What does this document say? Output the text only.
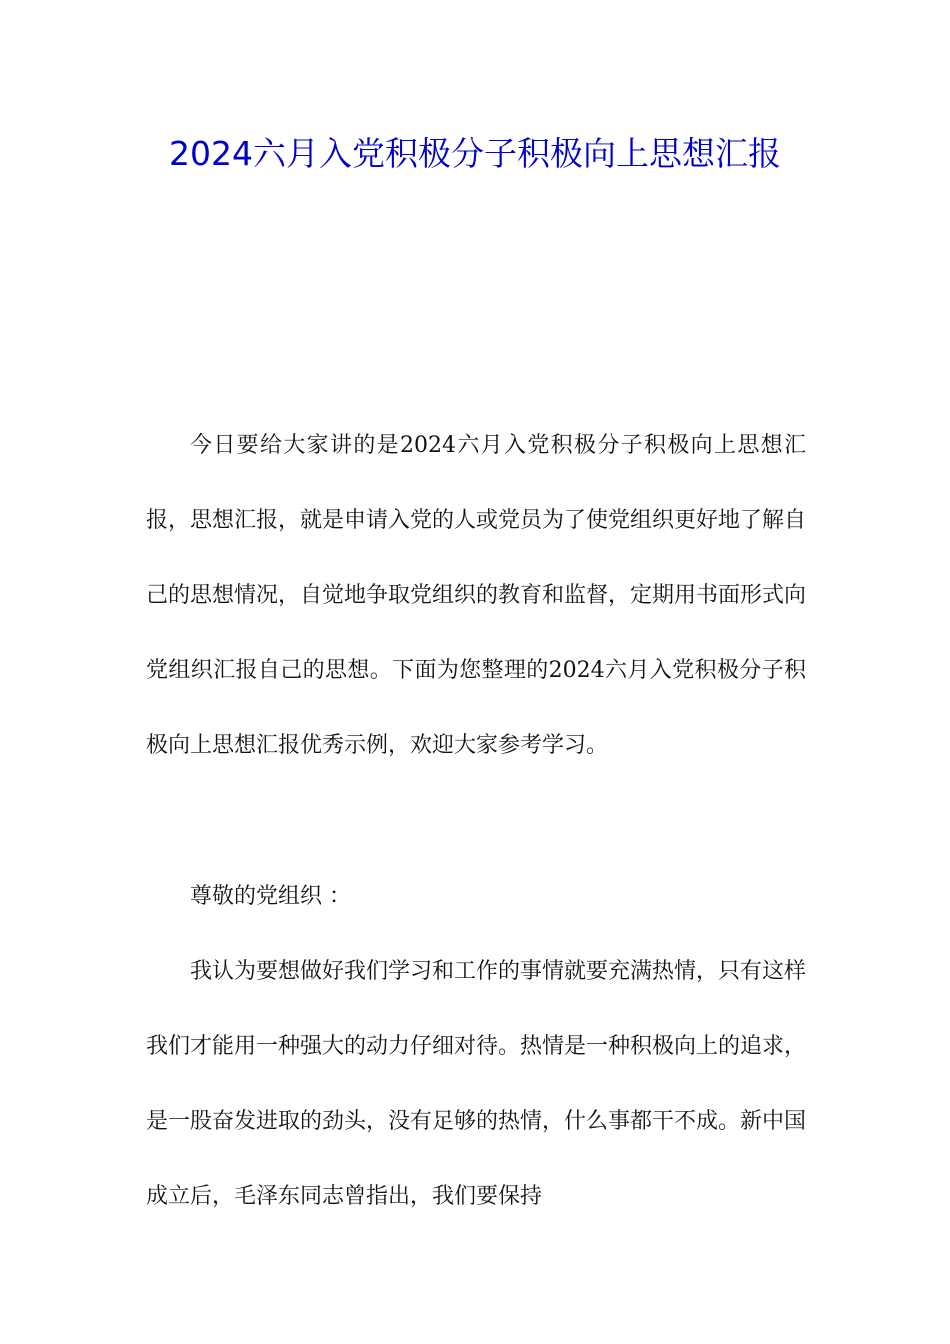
2024六月入党积极分子积极向上思想汇报

今日要给大家讲的是2024六月入党积极分子积极向上思想汇报，思想汇报，就是申请入党的人或党员为了使党组织更好地了解自己的思想情况，自觉地争取党组织的教育和监督，定期用书面形式向党组织汇报自己的思想。下面为您整理的2024六月入党积极分子积极向上思想汇报优秀示例，欢迎大家参考学习。

尊敬的党组织 ：

我认为要想做好我们学习和工作的事情就要充满热情，只有这样我们才能用一种强大的动力仔细对待。热情是一种积极向上的追求，是一股奋发进取的劲头，没有足够的热情，什么事都干不成。新中国成立后，毛泽东同志曾指出，我们要保持
